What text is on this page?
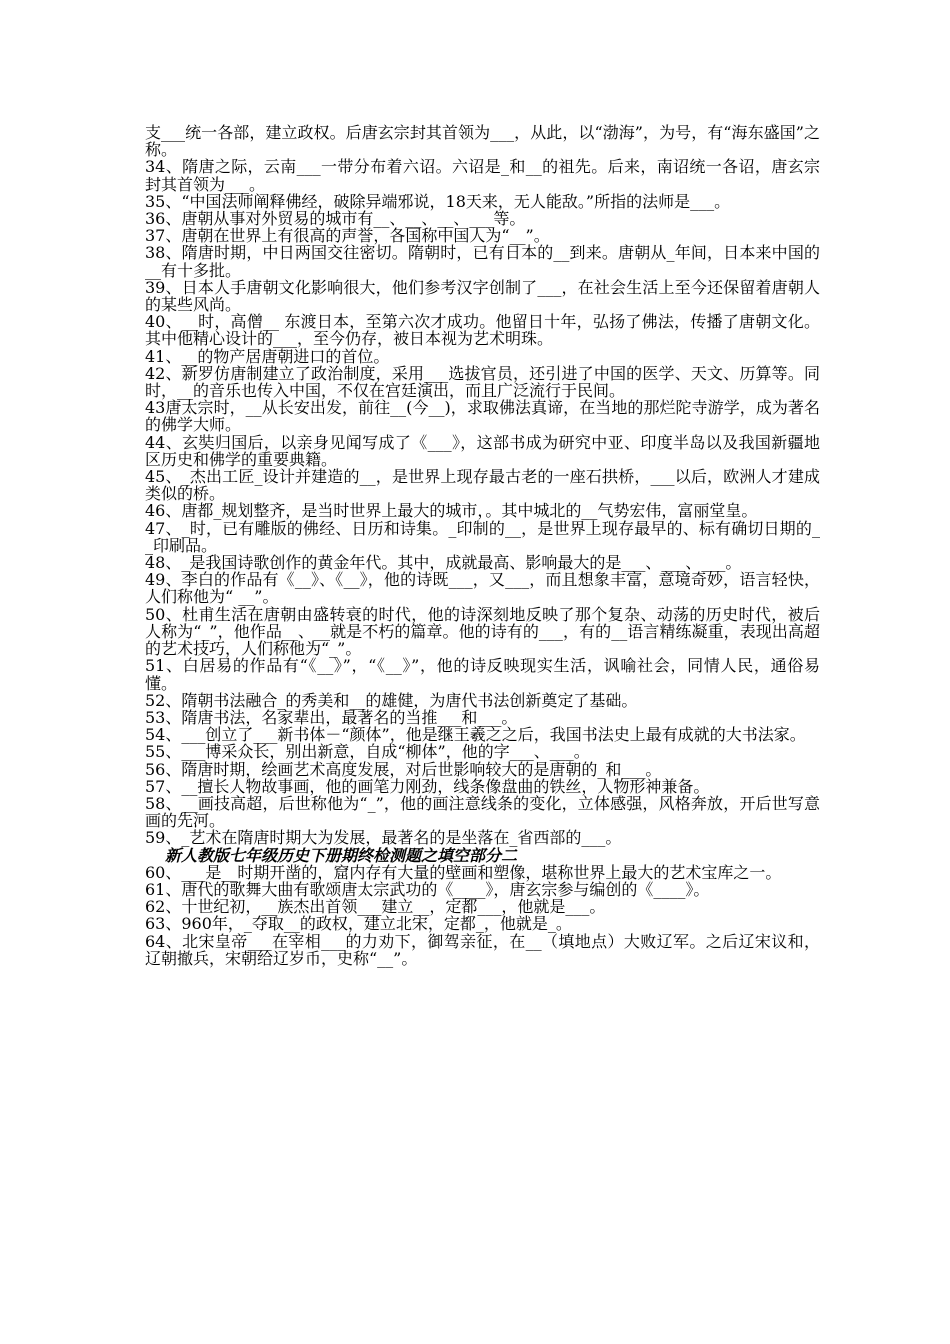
支___统一各部，建立政权。后唐玄宗封其首领为___，从此，以“渤海”，为号，有“海东盛国”之称。

34、隋唐之际，云南___一带分布着六诏。六诏是_和__的祖先。后来，南诏统一各诏，唐玄宗封其首领为___。

35、“中国法师阐释佛经，破除异端邪说，18天来，无人能敌。”所指的法师是___。

36、唐朝从事对外贸易的城市有__、__、__、___等。

37、唐朝在世界上有很高的声誉，各国称中国人为“__”。

38、隋唐时期，中日两国交往密切。隋朝时，已有日本的__到来。唐朝从_年间，日本来中国的__有十多批。

39、日本人手唐朝文化影响很大，他们参考汉字创制了___，在社会生活上至今还保留着唐朝人的某些风尚。

40、__时，高僧__ 东渡日本，至第六次才成功。他留日十年，弘扬了佛法，传播了唐朝文化。其中他精心设计的___，至今仍存，被日本视为艺术明珠。

41、__的物产居唐朝进口的首位。

42、新罗仿唐制建立了政治制度，采用___选拔官员，还引进了中国的医学、天文、历算等。同时，__的音乐也传入中国，不仅在宫廷演出，而且广泛流行于民间。

43唐太宗时，__从长安出发，前往__(今__)，求取佛法真谛，在当地的那烂陀寺游学，成为著名的佛学大师。

44、玄奘归国后，以亲身见闻写成了《___》，这部书成为研究中亚、印度半岛以及我国新疆地区历史和佛学的重要典籍。

45、_杰出工匠_设计并建造的__，是世界上现存最古老的一座石拱桥，___以后，欧洲人才建成类似的桥。

46、唐都_规划整齐，是当时世界上最大的城市，。其中城北的__气势宏伟，富丽堂皇。

47、_时，已有雕版的佛经、日历和诗集。_印制的__，是世界上现存最早的、标有确切日期的__印刷品。

48、_是我国诗歌创作的黄金年代。其中，成就最高、影响最大的是___、___、___。

49、李白的作品有《__》、《__》，他的诗既___，又___，而且想象丰富，意境奇妙，语言轻快，人们称他为“ __”。

50、杜甫生活在唐朝由盛转衰的时代，他的诗深刻地反映了那个复杂、动荡的历史时代，被后人称为“_”，他作品__、__就是不朽的篇章。他的诗有的___，有的__语言精练凝重，表现出高超的艺术技巧，人们称他为“_”。

51、白居易的作品有“《__》”，“《__》”，他的诗反映现实生活，讽喻社会，同情人民，通俗易懂。

52、隋朝书法融合_的秀美和__的雄健，为唐代书法创新奠定了基础。

53、隋唐书法，名家辈出，最著名的当推___和___。

54、___创立了___新书体－“颜体”，他是继王羲之之后，我国书法史上最有成就的大书法家。

55、___博采众长，别出新意，自成“柳体”，他的字___、___。

56、隋唐时期，绘画艺术高度发展，对后世影响较大的是唐朝的_和___。

57、__擅长人物故事画，他的画笔力刚劲，线条像盘曲的铁丝，人物形神兼备。

58、__画技高超，后世称他为“_”，他的画注意线条的变化，立体感强，风格奔放，开后世写意画的先河。

59、_艺术在隋唐时期大为发展，最著名的是坐落在_省西部的___。

新人教版七年级历史下册期终检测题之填空部分二

60、___是__时期开凿的，窟内存有大量的壁画和塑像，堪称世界上最大的艺术宝库之一。

61、唐代的歌舞大曲有歌颂唐太宗武功的《____》，唐玄宗参与编创的《____》。

62、十世纪初，__族杰出首领___建立__，定都___，他就是___。

63、960年，_夺取__的政权，建立北宋，定都_，他就是_。

64、北宋皇帝___在宰相___的力劝下，御驾亲征，在__（填地点）大败辽军。之后辽宋议和，辽朝撤兵，宋朝给辽岁币，史称“__”。
